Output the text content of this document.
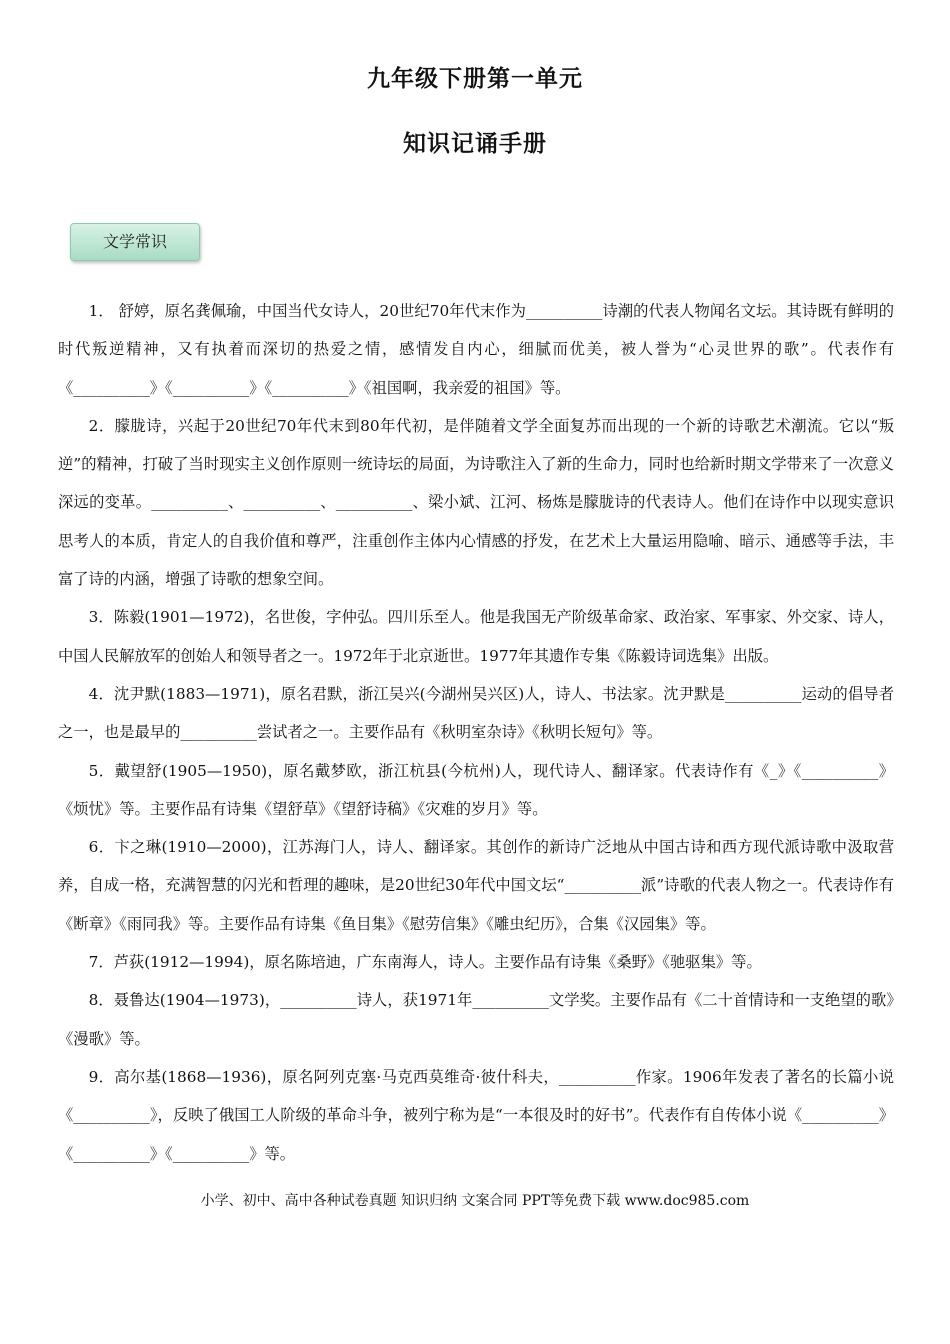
九年级下册第一单元
知识记诵手册
文学常识

1． 舒婷，原名龚佩瑜，中国当代女诗人，20世纪70年代末作为__________诗潮的代表人物闻名文坛。其诗既有鲜明的时代叛逆精神，又有执着而深切的热爱之情，感情发自内心，细腻而优美，被人誉为“心灵世界的歌”。代表作有《__________》《__________》《__________》《祖国啊，我亲爱的祖国》等。

2．朦胧诗，兴起于20世纪70年代末到80年代初，是伴随着文学全面复苏而出现的一个新的诗歌艺术潮流。它以“叛逆”的精神，打破了当时现实主义创作原则一统诗坛的局面，为诗歌注入了新的生命力，同时也给新时期文学带来了一次意义深远的变革。__________、__________、__________、梁小斌、江河、杨炼是朦胧诗的代表诗人。他们在诗作中以现实意识思考人的本质，肯定人的自我价值和尊严，注重创作主体内心情感的抒发，在艺术上大量运用隐喻、暗示、通感等手法，丰富了诗的内涵，增强了诗歌的想象空间。

3．陈毅(1901—1972)，名世俊，字仲弘。四川乐至人。他是我国无产阶级革命家、政治家、军事家、外交家、诗人，中国人民解放军的创始人和领导者之一。1972年于北京逝世。1977年其遗作专集《陈毅诗词选集》出版。

4．沈尹默(1883—1971)，原名君默，浙江吴兴(今湖州吴兴区)人，诗人、书法家。沈尹默是__________运动的倡导者之一，也是最早的__________尝试者之一。主要作品有《秋明室杂诗》《秋明长短句》等。

5．戴望舒(1905—1950)，原名戴梦欧，浙江杭县(今杭州)人，现代诗人、翻译家。代表诗作有《_》《__________》《烦忧》等。主要作品有诗集《望舒草》《望舒诗稿》《灾难的岁月》等。

6．卞之琳(1910—2000)，江苏海门人，诗人、翻译家。其创作的新诗广泛地从中国古诗和西方现代派诗歌中汲取营养，自成一格，充满智慧的闪光和哲理的趣味，是20世纪30年代中国文坛“__________派”诗歌的代表人物之一。代表诗作有《断章》《雨同我》等。主要作品有诗集《鱼目集》《慰劳信集》《雕虫纪历》，合集《汉园集》等。

7．芦荻(1912—1994)，原名陈培迪，广东南海人，诗人。主要作品有诗集《桑野》《驰驱集》等。

8．聂鲁达(1904—1973)，__________诗人，获1971年__________文学奖。主要作品有《二十首情诗和一支绝望的歌》《漫歌》等。

9．高尔基(1868—1936)，原名阿列克塞·马克西莫维奇·彼什科夫，__________作家。1906年发表了著名的长篇小说《__________》，反映了俄国工人阶级的革命斗争，被列宁称为是“一本很及时的好书”。代表作有自传体小说《__________》《__________》《__________》等。

小学、初中、高中各种试卷真题 知识归纳 文案合同 PPT等免费下载 www.doc985.com
